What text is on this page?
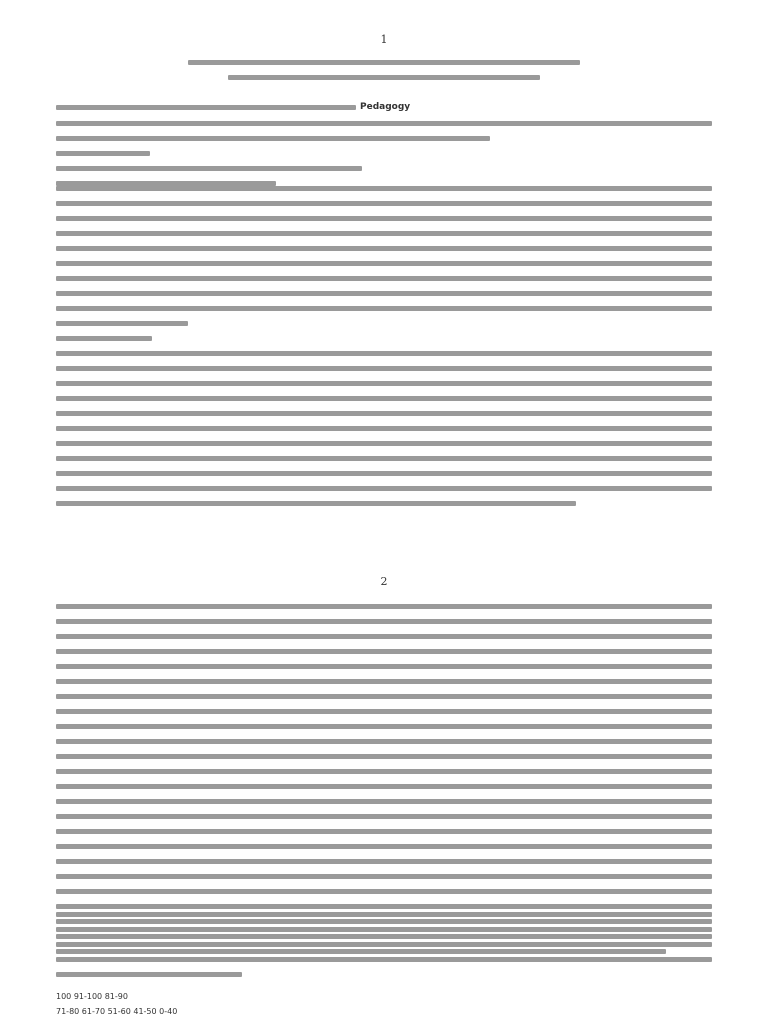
1
Pedagogy
2
100 91-100 81-90
71-80 61-70 51-60 41-50 0-40
